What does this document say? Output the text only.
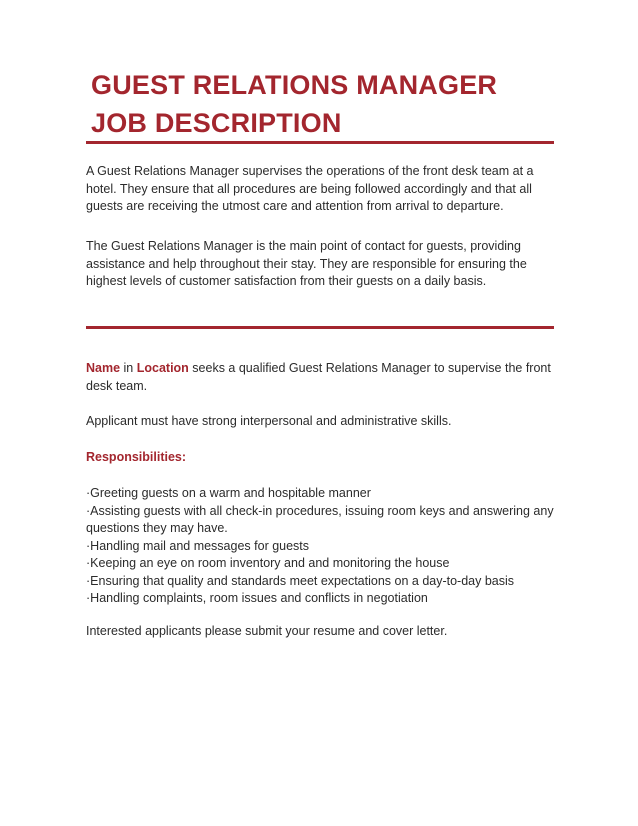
GUEST RELATIONS MANAGER
JOB DESCRIPTION

A Guest Relations Manager supervises the operations of the front desk team at a hotel. They ensure that all procedures are being followed accordingly and that all guests are receiving the utmost care and attention from arrival to departure.

The Guest Relations Manager is the main point of contact for guests, providing assistance and help throughout their stay. They are responsible for ensuring the highest levels of customer satisfaction from their guests on a daily basis.

Name in Location seeks a qualified Guest Relations Manager to supervise the front desk team.

Applicant must have strong interpersonal and administrative skills.

Responsibilities:

·Greeting guests on a warm and hospitable manner
·Assisting guests with all check-in procedures, issuing room keys and answering any questions they may have.
·Handling mail and messages for guests
·Keeping an eye on room inventory and and monitoring the house
·Ensuring that quality and standards meet expectations on a day-to-day basis
·Handling complaints, room issues and conflicts in negotiation

Interested applicants please submit your resume and cover letter.
